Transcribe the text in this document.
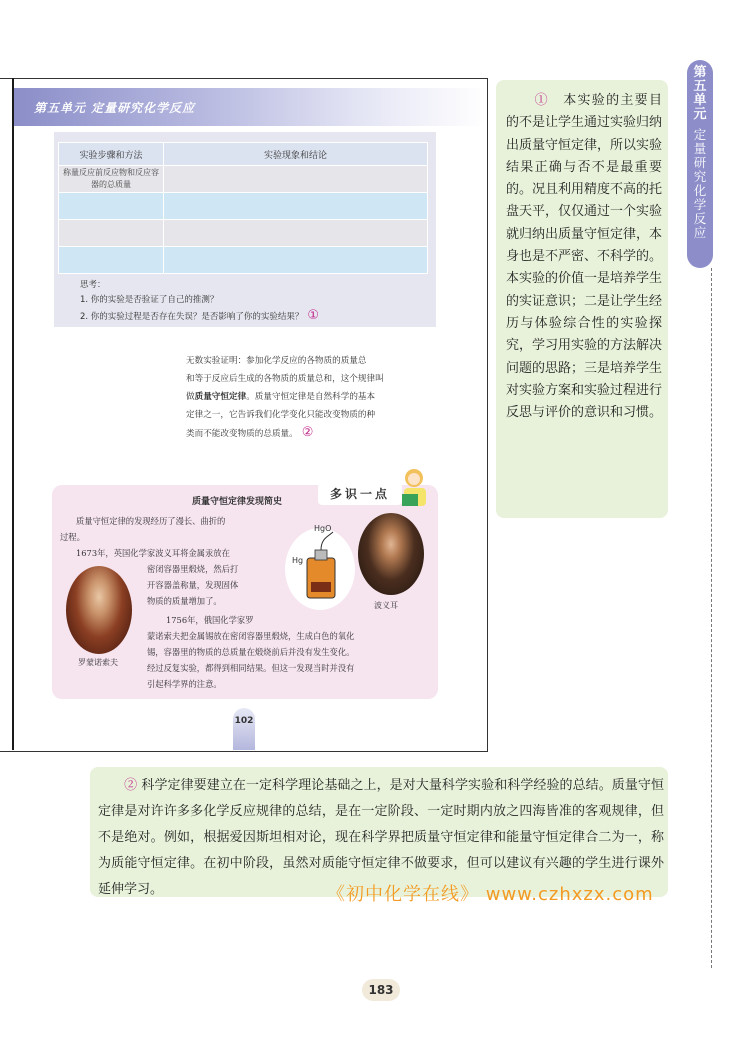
第五单元 定量研究化学反应
实验步骤和方法	实验现象和结论
称量反应前反应物和反应容器的总质量	

思考：
1. 你的实验是否验证了自己的推测？
2. 你的实验过程是否存在失误？是否影响了你的实验结果？ ①
无数实验证明：参加化学反应的各物质的质量总
和等于反应后生成的各物质的质量总和，这个规律叫
做质量守恒定律。质量守恒定律是自然科学的基本
定律之一，它告诉我们化学变化只能改变物质的种
类而不能改变物质的总质量。 ②
多识一点
质量守恒定律发现简史
质量守恒定律的发现经历了漫长、曲折的
过程。
1673年，英国化学家波义耳将金属汞放在
密闭容器里煅烧，然后打
开容器盖称量，发现固体
物质的质量增加了。
1756年，俄国化学家罗
蒙诺索夫把金属锡放在密闭容器里煅烧，生成白色的氧化
锡，容器里的物质的总质量在煅烧前后并没有发生变化。
经过反复实验，都得到相同结果。但这一发现当时并没有
引起科学界的注意。
罗蒙诺索夫
波义耳
HgO
Hg
102
　　①　 本实验的主要目的不是让学生通过实验归纳出质量守恒定律，所以实验结果正确与否不是最重要的。况且利用精度不高的托盘天平，仅仅通过一个实验就归纳出质量守恒定律，本身也是不严密、不科学的。本实验的价值一是培养学生的实证意识；二是让学生经历与体验综合性的实验探究，学习用实验的方法解决问题的思路；三是培养学生对实验方案和实验过程进行反思与评价的意识和习惯。
第五单元
定量研究化学反应
　　② 科学定律要建立在一定科学理论基础之上，是对大量科学实验和科学经验的总结。质量守恒定律是对许许多多化学反应规律的总结，是在一定阶段、一定时期内放之四海皆准的客观规律，但不是绝对。例如，根据爱因斯坦相对论，现在科学界把质量守恒定律和能量守恒定律合二为一，称为质能守恒定律。在初中阶段，虽然对质能守恒定律不做要求，但可以建议有兴趣的学生进行课外延伸学习。	《初中化学在线》 www.czhxzx.com
183
